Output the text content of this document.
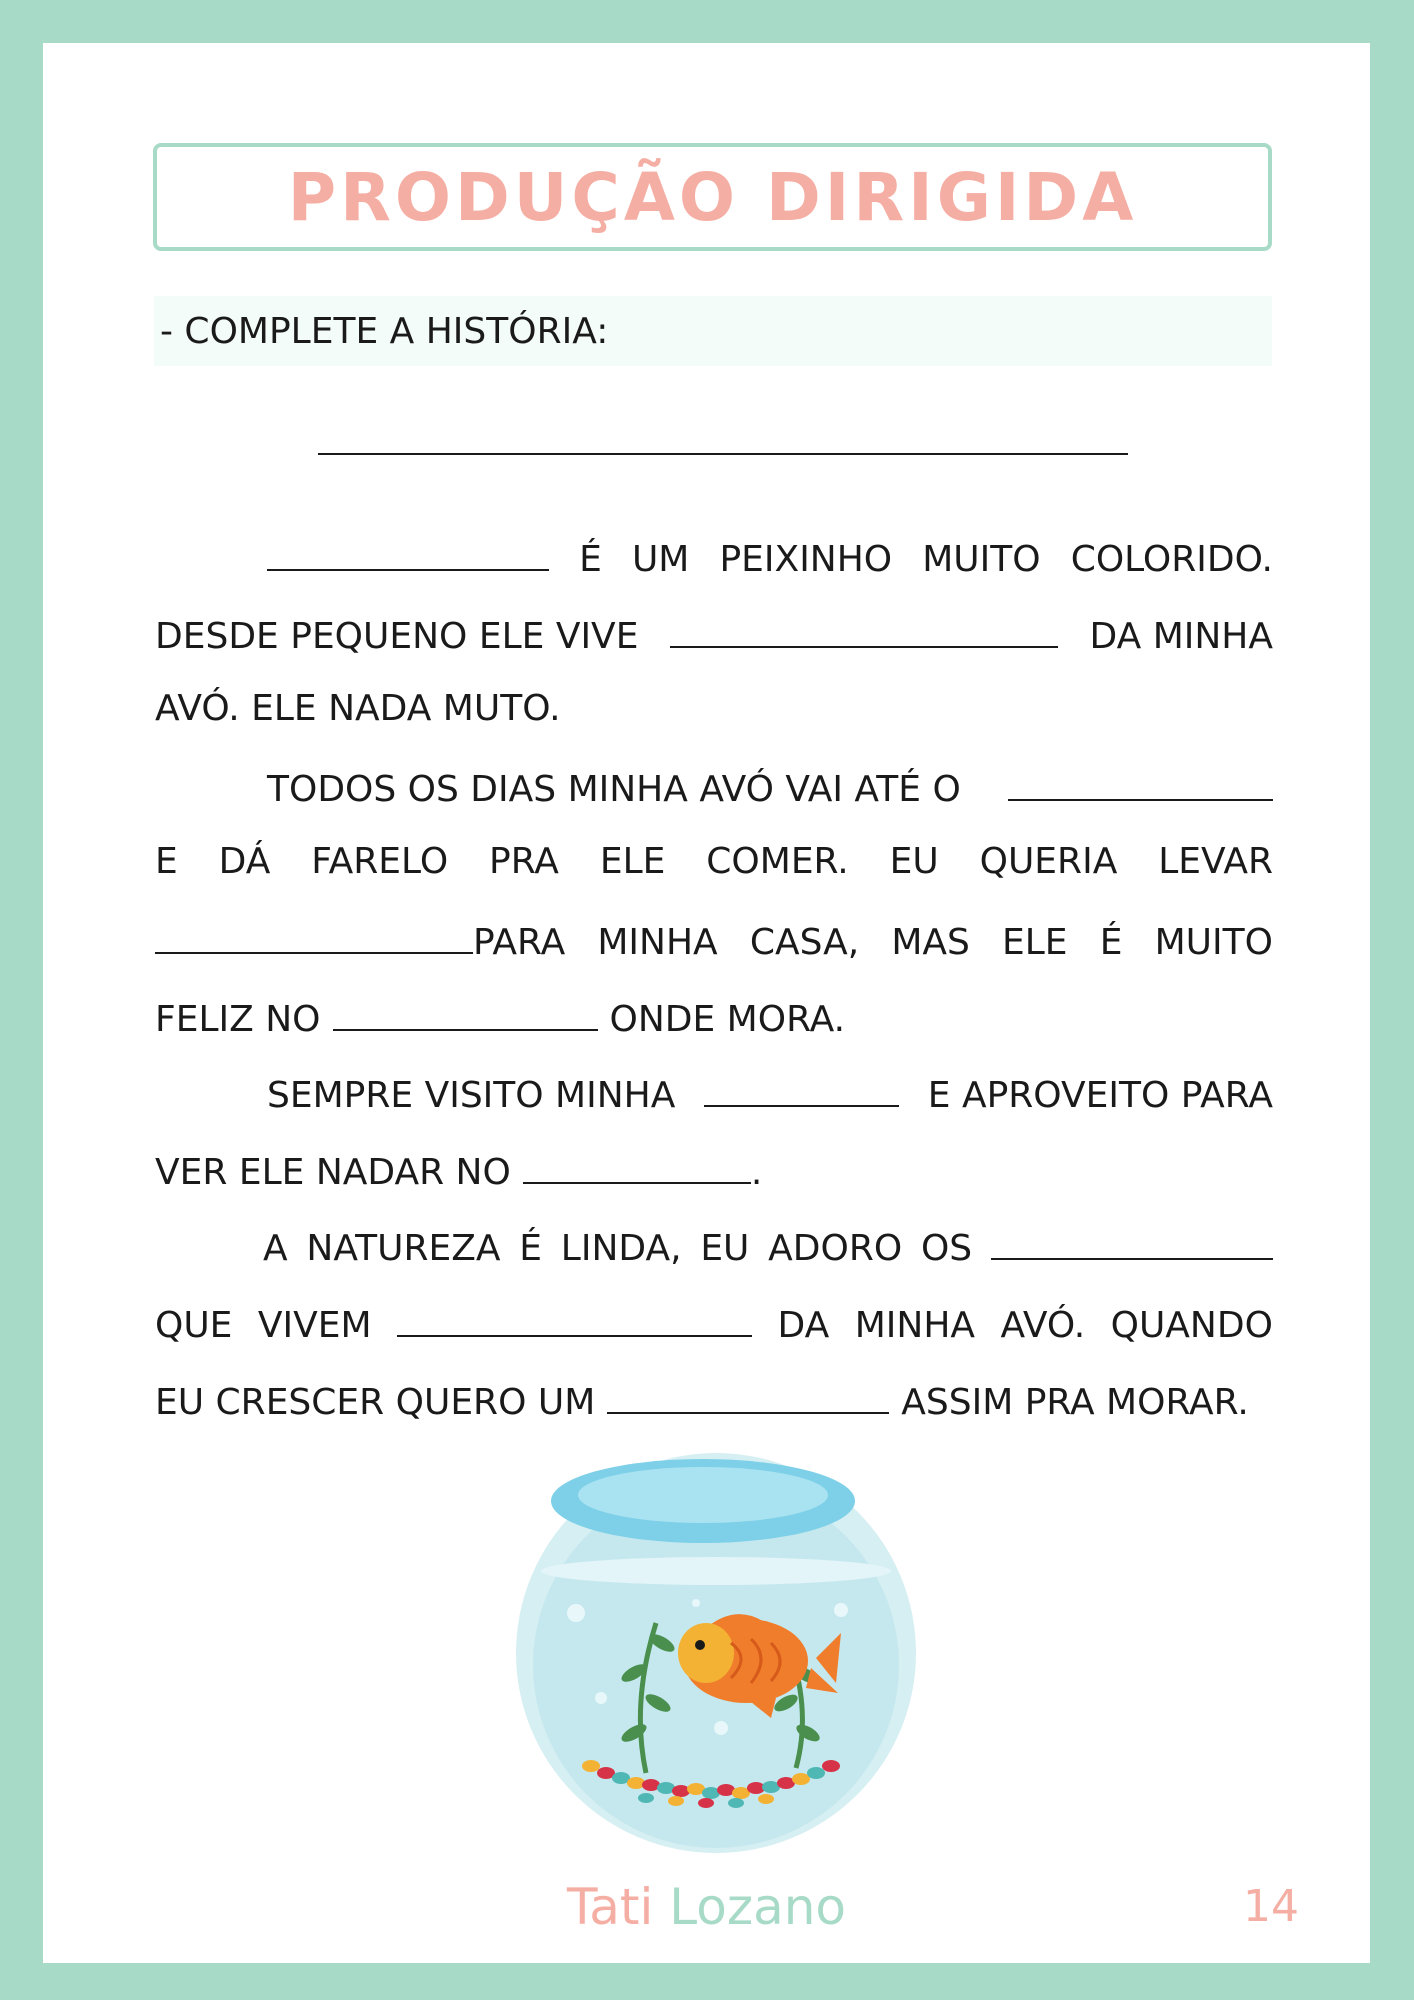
PRODUÇÃO DIRIGIDA
- COMPLETE A HISTÓRIA:
É UM PEIXINHO MUITO COLORIDO.
DESDE PEQUENO ELE VIVE	DA MINHA
AVÓ. ELE NADA MUTO.
TODOS OS DIAS MINHA AVÓ VAI ATÉ O
E DÁ FARELO PRA ELE COMER. EU QUERIA LEVAR
PARA MINHA CASA, MAS ELE É MUITO
FELIZ NO	ONDE MORA.
SEMPRE VISITO MINHA	E APROVEITO PARA
VER ELE NADAR NO	.
A NATUREZA É LINDA, EU ADORO OS
QUE VIVEM	DA MINHA AVÓ. QUANDO
EU CRESCER QUERO UM	ASSIM PRA MORAR.
Tati Lozano	14
